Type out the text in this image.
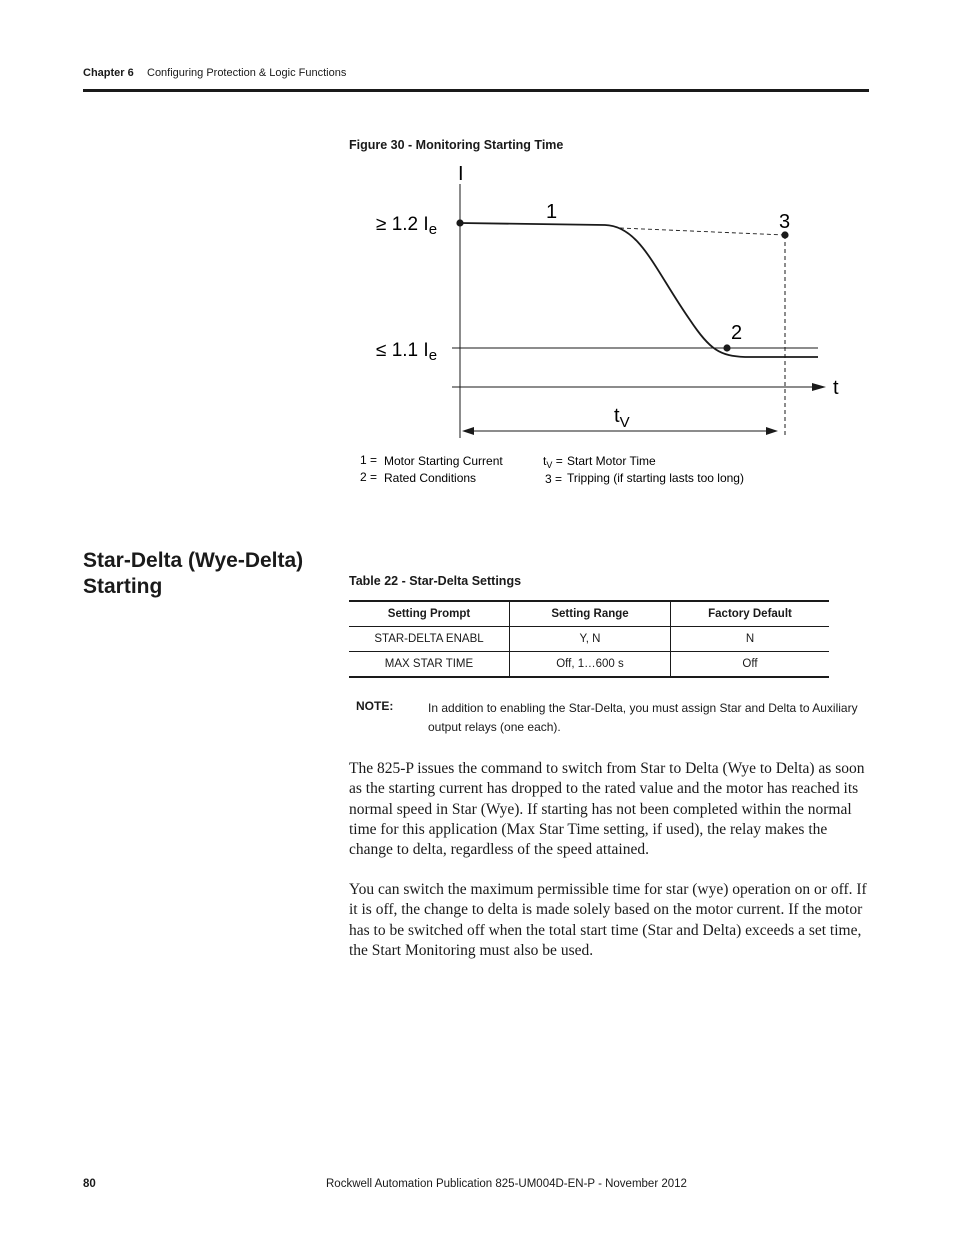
Chapter 6 Configuring Protection & Logic Functions
Figure 30 - Monitoring Starting Time
I
t
1
2
3
≥ 1.2 $I_e$
≤ 1.1 $I_e$
$t_V$
1 = Motor Starting Current
2 = Rated Conditions
$t_V$ = Start Motor Time
3 = Tripping (if starting lasts too long)
Star-Delta (Wye-Delta) Starting	Table 22 - Star-Delta Settings
Setting Prompt	Setting Range	Factory Default
STAR-DELTA ENABL	Y, N	N
MAX STAR TIME	Off, 1…600 s	Off
NOTE:	In addition to enabling the Star-Delta, you must assign Star and Delta to Auxiliary output relays (one each).
The 825-P issues the command to switch from Star to Delta (Wye to Delta) as soon as the starting current has dropped to the rated value and the motor has reached its normal speed in Star (Wye). If starting has not been completed within the normal time for this application (Max Star Time setting, if used), the relay makes the change to delta, regardless of the speed attained.
You can switch the maximum permissible time for star (wye) operation on or off. If it is off, the change to delta is made solely based on the motor current. If the motor has to be switched off when the total start time (Star and Delta) exceeds a set time, the Start Monitoring must also be used.
80	Rockwell Automation Publication 825-UM004D-EN-P - November 2012
